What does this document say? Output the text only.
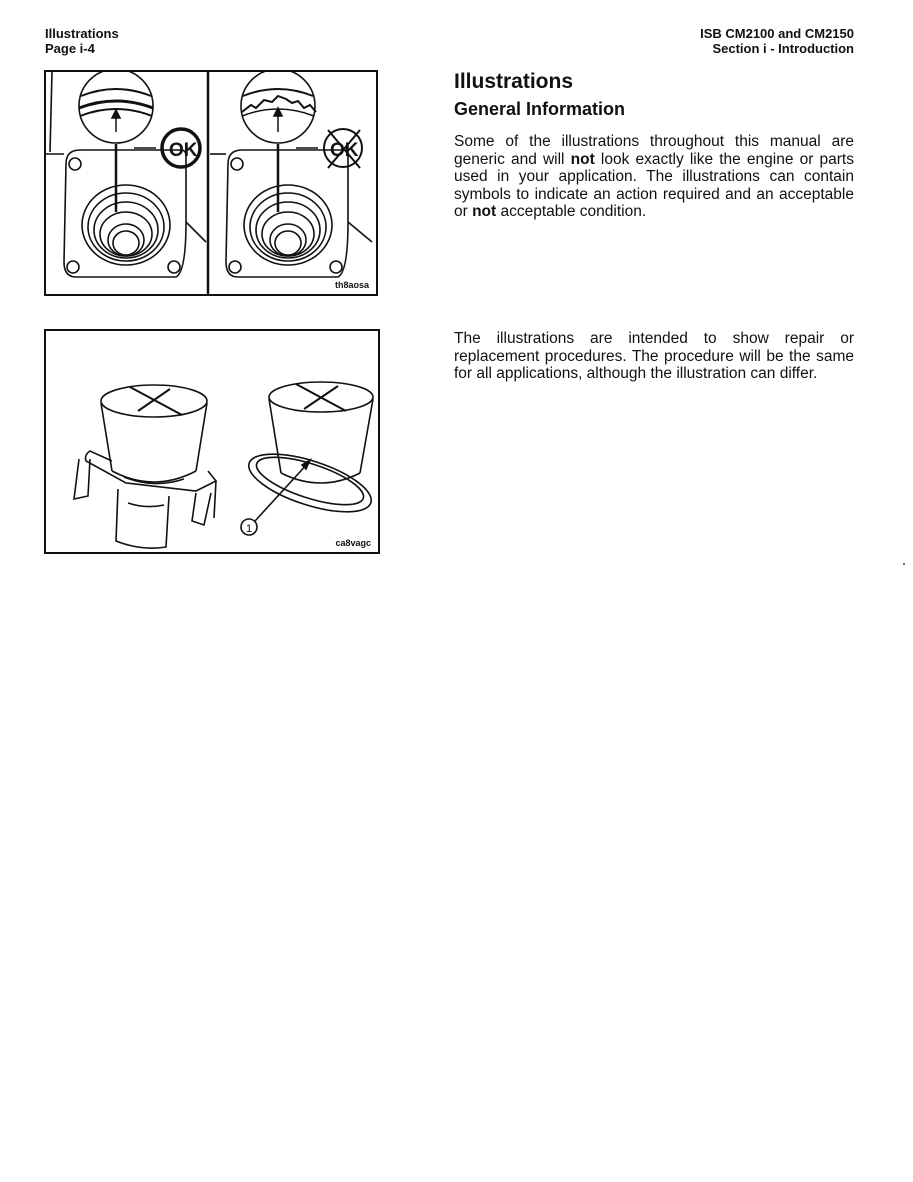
Illustrations
Page i-4
ISB CM2100 and CM2150
Section i - Introduction
OK	OK
th8aosa
1
ca8vagc
Illustrations
General Information

Some of the illustrations throughout this manual are generic and will not look exactly like the engine or parts used in your application. The illustrations can contain symbols to indicate an action required and an acceptable or not acceptable condition.

The illustrations are intended to show repair or replacement procedures. The procedure will be the same for all applications, although the illustration can differ.
